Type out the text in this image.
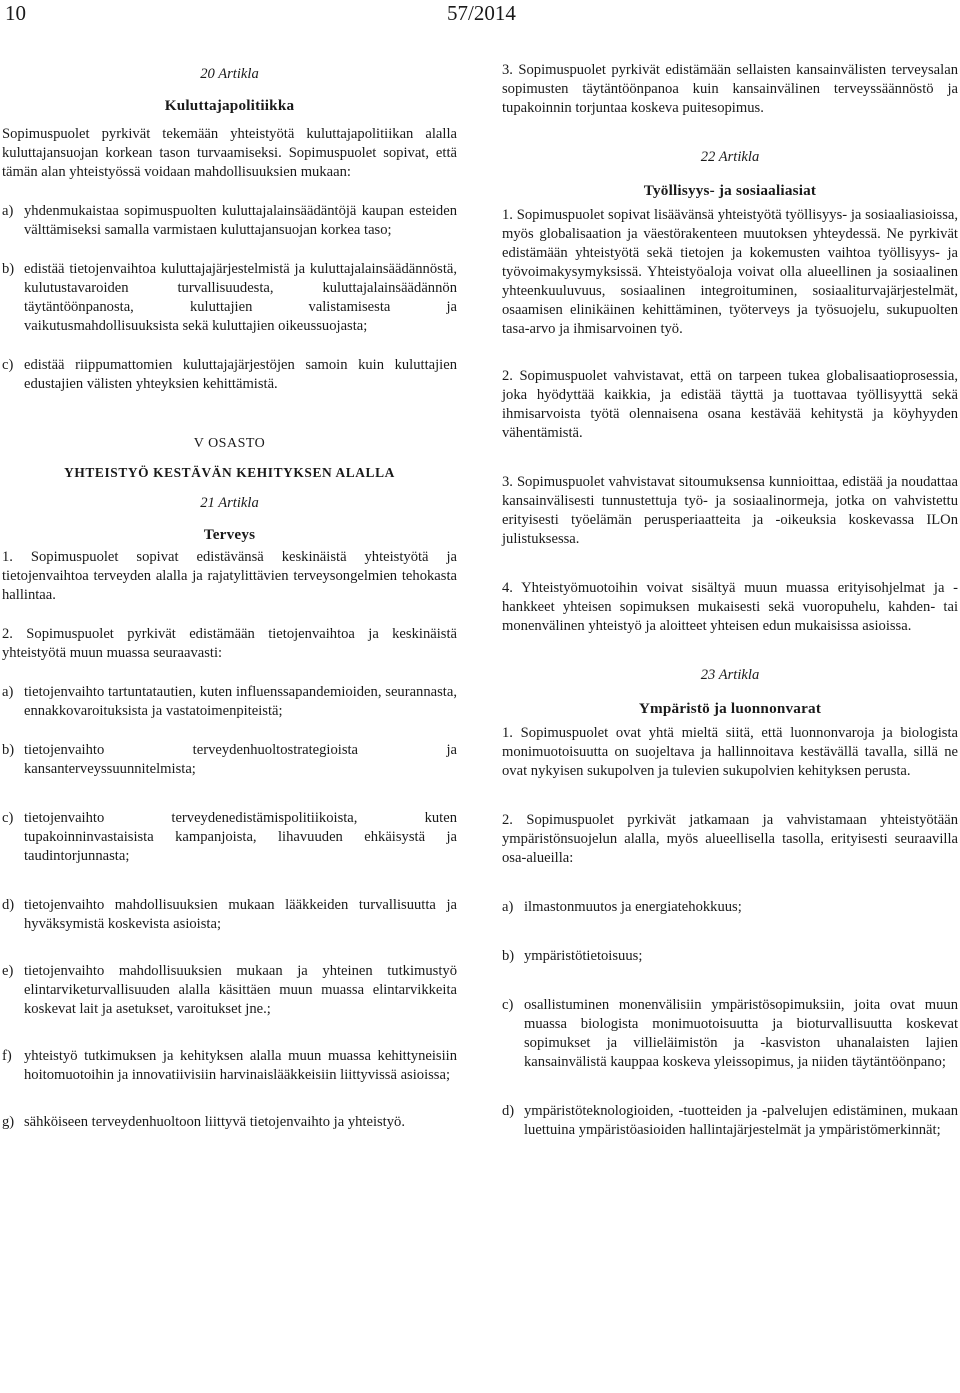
10	57/2014

20 Artikla

Kuluttajapolitiikka

Sopimuspuolet pyrkivät tekemään yhteistyötä kuluttajapolitiikan alalla kuluttajansuojan korkean tason turvaamiseksi. Sopimuspuolet sopivat, että tämän alan yhteistyössä voidaan mahdollisuuksien mukaan:

a) yhdenmukaistaa sopimuspuolten kuluttajalainsäädäntöjä kaupan esteiden välttämiseksi samalla varmistaen kuluttajansuojan korkea taso;
b) edistää tietojenvaihtoa kuluttajajärjestelmistä ja kuluttajalainsäädännöstä, kulutustavaroiden turvallisuudesta, kuluttajalainsäädännön täytäntöönpanosta, kuluttajien valistamisesta ja vaikutusmahdollisuuksista sekä kuluttajien oikeussuojasta;
c) edistää riippumattomien kuluttajajärjestöjen samoin kuin kuluttajien edustajien välisten yhteyksien kehittämistä.

V OSASTO

YHTEISTYÖ KESTÄVÄN KEHITYKSEN ALALLA

21 Artikla

Terveys

1. Sopimuspuolet sopivat edistävänsä keskinäistä yhteistyötä ja tietojenvaihtoa terveyden alalla ja rajatylittävien terveysongelmien tehokasta hallintaa.

2. Sopimuspuolet pyrkivät edistämään tietojenvaihtoa ja keskinäistä yhteistyötä muun muassa seuraavasti:

a) tietojenvaihto tartuntatautien, kuten influenssapandemioiden, seurannasta, ennakkovaroituksista ja vastatoimenpiteistä;
b) tietojenvaihto terveydenhuoltostrategioista ja kansanterveyssuunnitelmista;
c) tietojenvaihto terveydenedistämispolitiikoista, kuten tupakoinninvastaisista kampanjoista, lihavuuden ehkäisystä ja taudintorjunnasta;
d) tietojenvaihto mahdollisuuksien mukaan lääkkeiden turvallisuutta ja hyväksymistä koskevista asioista;
e) tietojenvaihto mahdollisuuksien mukaan ja yhteinen tutkimustyö elintarviketurvallisuuden alalla käsittäen muun muassa elintarvikkeita koskevat lait ja asetukset, varoitukset jne.;
f) yhteistyö tutkimuksen ja kehityksen alalla muun muassa kehittyneisiin hoitomuotoihin ja innovatiivisiin harvinaislääkkeisiin liittyvissä asioissa;
g) sähköiseen terveydenhuoltoon liittyvä tietojenvaihto ja yhteistyö.

3. Sopimuspuolet pyrkivät edistämään sellaisten kansainvälisten terveysalan sopimusten täytäntöönpanoa kuin kansainvälinen terveyssäännöstö ja tupakoinnin torjuntaa koskeva puitesopimus.

22 Artikla

Työllisyys- ja sosiaaliasiat

1. Sopimuspuolet sopivat lisäävänsä yhteistyötä työllisyys- ja sosiaaliasioissa, myös globalisaation ja väestörakenteen muutoksen yhteydessä. Ne pyrkivät edistämään yhteistyötä sekä tietojen ja kokemusten vaihtoa työllisyys- ja työvoimakysymyksissä. Yhteistyöaloja voivat olla alueellinen ja sosiaalinen yhteenkuuluvuus, sosiaalinen integroituminen, sosiaaliturvajärjestelmät, osaamisen elinikäinen kehittäminen, työterveys ja työsuojelu, sukupuolten tasa-arvo ja ihmisarvoinen työ.

2. Sopimuspuolet vahvistavat, että on tarpeen tukea globalisaatioprosessia, joka hyödyttää kaikkia, ja edistää täyttä ja tuottavaa työllisyyttä sekä ihmisarvoista työtä olennaisena osana kestävää kehitystä ja köyhyyden vähentämistä.

3. Sopimuspuolet vahvistavat sitoumuksensa kunnioittaa, edistää ja noudattaa kansainvälisesti tunnustettuja työ- ja sosiaalinormeja, jotka on vahvistettu erityisesti työelämän perusperiaatteita ja -oikeuksia koskevassa ILOn julistuksessa.

4. Yhteistyömuotoihin voivat sisältyä muun muassa erityisohjelmat ja -hankkeet yhteisen sopimuksen mukaisesti sekä vuoropuhelu, kahden- tai monenvälinen yhteistyö ja aloitteet yhteisen edun mukaisissa asioissa.

23 Artikla

Ympäristö ja luonnonvarat

1. Sopimuspuolet ovat yhtä mieltä siitä, että luonnonvaroja ja biologista monimuotoisuutta on suojeltava ja hallinnoitava kestävällä tavalla, sillä ne ovat nykyisen sukupolven ja tulevien sukupolvien kehityksen perusta.

2. Sopimuspuolet pyrkivät jatkamaan ja vahvistamaan yhteistyötään ympäristönsuojelun alalla, myös alueellisella tasolla, erityisesti seuraavilla osa-alueilla:

a) ilmastonmuutos ja energiatehokkuus;
b) ympäristötietoisuus;
c) osallistuminen monenvälisiin ympäristösopimuksiin, joita ovat muun muassa biologista monimuotoisuutta ja bioturvallisuutta koskevat sopimukset ja villieläimistön ja -kasviston uhanalaisten lajien kansainvälistä kauppaa koskeva yleissopimus, ja niiden täytäntöönpano;
d) ympäristöteknologioiden, -tuotteiden ja -palvelujen edistäminen, mukaan luettuina ympäristöasioiden hallintajärjestelmät ja ympäristömerkinnät;
